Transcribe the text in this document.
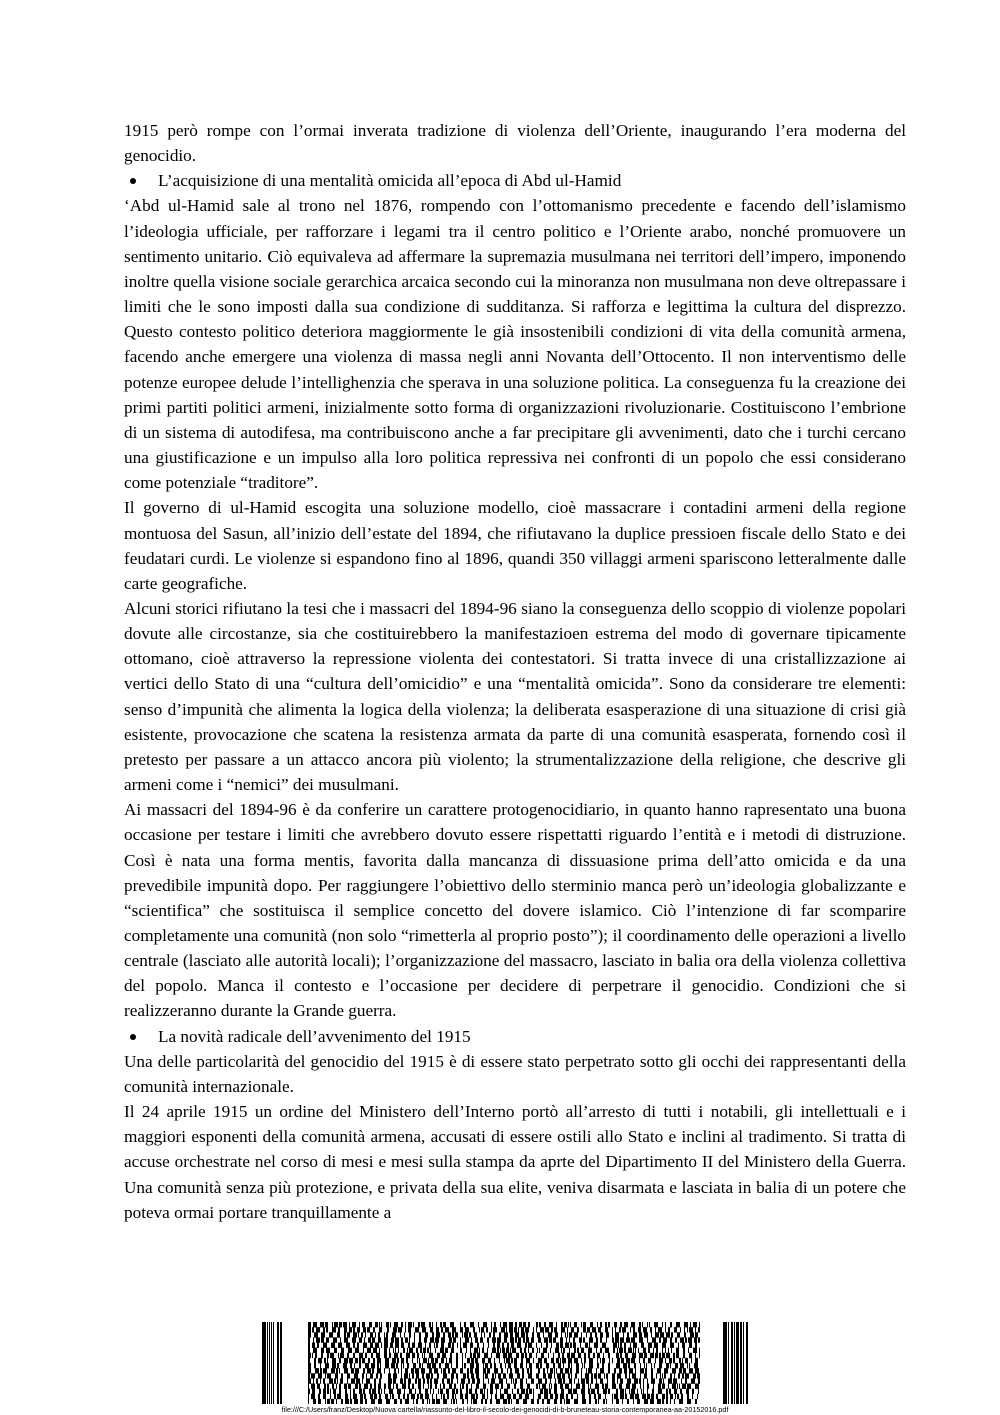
1915 però rompe con l’ormai inverata tradizione di violenza dell’Oriente, inaugurando l’era moderna del genocidio.

L’acquisizione di una mentalità omicida all’epoca di Abd ul-Hamid

‘Abd ul-Hamid sale al trono nel 1876, rompendo con l’ottomanismo precedente e facendo dell’islamismo l’ideologia ufficiale, per rafforzare i legami tra il centro politico e l’Oriente arabo, nonché promuovere un sentimento unitario. Ciò equivaleva ad affermare la supremazia musulmana nei territori dell’impero, imponendo inoltre quella visione sociale gerarchica arcaica secondo cui la minoranza non musulmana non deve oltrepassare i limiti che le sono imposti dalla sua condizione di sudditanza. Si rafforza e legittima la cultura del disprezzo. Questo contesto politico deteriora maggiormente le già insostenibili condizioni di vita della comunità armena, facendo anche emergere una violenza di massa negli anni Novanta dell’Ottocento. Il non interventismo delle potenze europee delude l’intellighenzia che sperava in una soluzione politica. La conseguenza fu la creazione dei primi partiti politici armeni, inizialmente sotto forma di organizzazioni rivoluzionarie. Costituiscono l’embrione di un sistema di autodifesa, ma contribuiscono anche a far precipitare gli avvenimenti, dato che i turchi cercano una giustificazione e un impulso alla loro politica repressiva nei confronti di un popolo che essi considerano come potenziale “traditore”.

Il governo di ul-Hamid escogita una soluzione modello, cioè massacrare i contadini armeni della regione montuosa del Sasun, all’inizio dell’estate del 1894, che rifiutavano la duplice pressioen fiscale dello Stato e dei feudatari curdi. Le violenze si espandono fino al 1896, quandi 350 villaggi armeni spariscono letteralmente dalle carte geografiche.

Alcuni storici rifiutano la tesi che i massacri del 1894-96 siano la conseguenza dello scoppio di violenze popolari dovute alle circostanze, sia che costituirebbero la manifestazioen estrema del modo di governare tipicamente ottomano, cioè attraverso la repressione violenta dei contestatori. Si tratta invece di una cristallizzazione ai vertici dello Stato di una “cultura dell’omicidio” e una “mentalità omicida”. Sono da considerare tre elementi: senso d’impunità che alimenta la logica della violenza; la deliberata esasperazione di una situazione di crisi già esistente, provocazione che scatena la resistenza armata da parte di una comunità esasperata, fornendo così il pretesto per passare a un attacco ancora più violento; la strumentalizzazione della religione, che descrive gli armeni come i “nemici” dei musulmani.

Ai massacri del 1894-96 è da conferire un carattere protogenocidiario, in quanto hanno rapresentato una buona occasione per testare i limiti che avrebbero dovuto essere rispettatti riguardo l’entità e i metodi di distruzione. Così è nata una forma mentis, favorita dalla mancanza di dissuasione prima dell’atto omicida e da una prevedibile impunità dopo. Per raggiungere l’obiettivo dello sterminio manca però un’ideologia globalizzante e “scientifica” che sostituisca il semplice concetto del dovere islamico. Ciò l’intenzione di far scomparire completamente una comunità (non solo “rimetterla al proprio posto”); il coordinamento delle operazioni a livello centrale (lasciato alle autorità locali); l’organizzazione del massacro, lasciato in balia ora della violenza collettiva del popolo. Manca il contesto e l’occasione per decidere di perpetrare il genocidio. Condizioni che si realizzeranno durante la Grande guerra.

La novità radicale dell’avvenimento del 1915

Una delle particolarità del genocidio del 1915 è di essere stato perpetrato sotto gli occhi dei rappresentanti della comunità internazionale.

Il 24 aprile 1915 un ordine del Ministero dell’Interno portò all’arresto di tutti i notabili, gli intellettuali e i maggiori esponenti della comunità armena, accusati di essere ostili allo Stato e inclini al tradimento. Si tratta di accuse orchestrate nel corso di mesi e mesi sulla stampa da aprte del Dipartimento II del Ministero della Guerra. Una comunità senza più protezione, e privata della sua elite, veniva disarmata e lasciata in balia di un potere che poteva ormai portare tranquillamente a

file:///C:/Users/franz/Desktop/Nuova cartella/riassunto-del-libro-il-secolo-dei-genocidi-di-b-bruneteau-storia-contemporanea-aa-20152016.pdf
